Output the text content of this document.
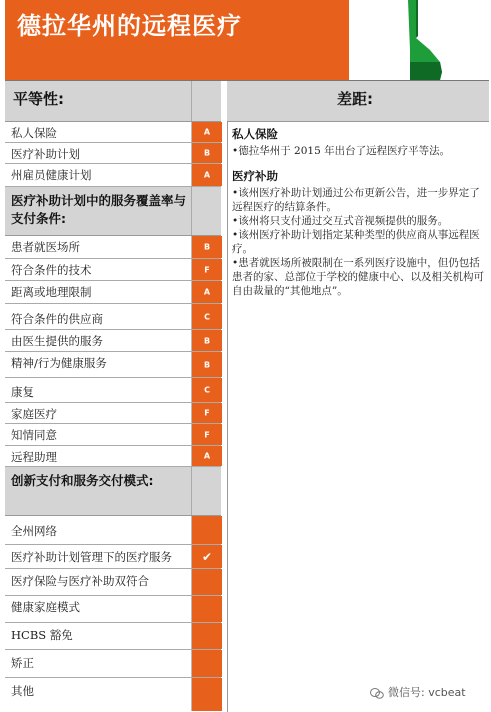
德拉华州的远程医疗
平等性:
私人保险	A
医疗补助计划	B
州雇员健康计划	A
医疗补助计划中的服务覆盖率与支付条件:
患者就医场所	B
符合条件的技术	F
距离或地理限制	A
符合条件的供应商	C
由医生提供的服务	B
精神/行为健康服务	B
康复	C
家庭医疗	F
知情同意	F
远程助理	A
创新支付和服务交付模式:
全州网络
医疗补助计划管理下的医疗服务	✔
医疗保险与医疗补助双符合
健康家庭模式
HCBS 豁免
矫正
其他
差距:
私人保险

•德拉华州于 2015 年出台了远程医疗平等法。

医疗补助

•该州医疗补助计划通过公布更新公告，进一步界定了远程医疗的结算条件。

•该州将只支付通过交互式音视频提供的服务。

•该州医疗补助计划指定某种类型的供应商从事远程医疗。

•患者就医场所被限制在一系列医疗设施中，但仍包括患者的家、总部位于学校的健康中心、以及相关机构可自由裁量的“其他地点”。

微信号: vcbeat
